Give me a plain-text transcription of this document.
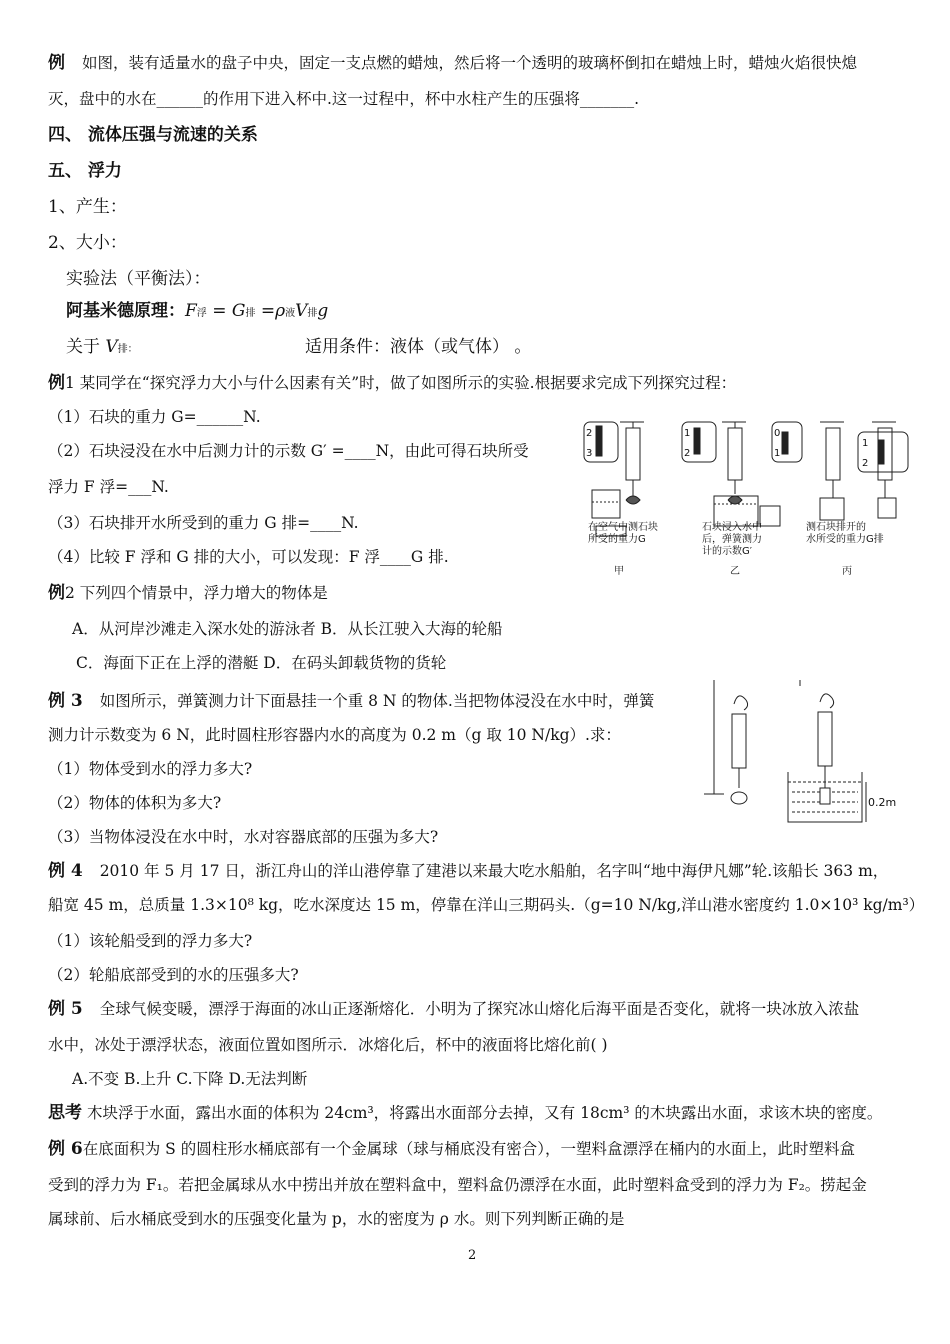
例 如图，装有适量水的盘子中央，固定一支点燃的蜡烛，然后将一个透明的玻璃杯倒扣在蜡烛上时，蜡烛火焰很快熄
灭，盘中的水在______的作用下进入杯中.这一过程中，杯中水柱产生的压强将_______.
四、 流体压强与流速的关系
五、 浮力
1、产生：
2、大小：
实验法（平衡法）：
阿基米德原理：F浮 = G排 =ρ液V排g
关于 V排：	适用条件：液体（或气体） 。
例1 某同学在“探究浮力大小与什么因素有关”时，做了如图所示的实验.根据要求完成下列探究过程：
（1）石块的重力 G=______N.
（2）石块浸没在水中后测力计的示数 G′ =____N，由此可得石块所受
浮力 F 浮=___N.
（3）石块排开水所受到的重力 G 排=____N.
（4）比较 F 浮和 G 排的大小，可以发现：F 浮____G 排.
2
3
1
2
0
1
1
2
在空气中测石块
所受的重力G
石块浸入水中
后，弹簧测力
计的示数G′
测石块排开的
水所受的重力G排
甲	乙	丙
例2 下列四个情景中，浮力增大的物体是
A．从河岸沙滩走入深水处的游泳者 B．从长江驶入大海的轮船
C．海面下正在上浮的潜艇 D．在码头卸载货物的货轮
例 3 如图所示，弹簧测力计下面悬挂一个重 8 N 的物体.当把物体浸没在水中时，弹簧
测力计示数变为 6 N，此时圆柱形容器内水的高度为 0.2 m（g 取 10 N/kg）.求：
（1）物体受到水的浮力多大?
（2）物体的体积为多大?
（3）当物体浸没在水中时，水对容器底部的压强为多大?
0.2m
例 4 2010 年 5 月 17 日，浙江舟山的洋山港停靠了建港以来最大吃水船舶，名字叫“地中海伊凡娜”轮.该船长 363 m，
船宽 45 m，总质量 1.3×10⁸ kg，吃水深度达 15 m，停靠在洋山三期码头.（g=10 N/kg,洋山港水密度约 1.0×10³ kg/m³）
（1）该轮船受到的浮力多大?
（2）轮船底部受到的水的压强多大?
例 5 全球气候变暖，漂浮于海面的冰山正逐渐熔化．小明为了探究冰山熔化后海平面是否变化，就将一块冰放入浓盐
水中，冰处于漂浮状态，液面位置如图所示．冰熔化后，杯中的液面将比熔化前( )
A.不变 B.上升 C.下降 D.无法判断
思考 木块浮于水面，露出水面的体积为 24cm³，将露出水面部分去掉，又有 18cm³ 的木块露出水面，求该木块的密度。
例 6在底面积为 S 的圆柱形水桶底部有一个金属球（球与桶底没有密合），一塑料盒漂浮在桶内的水面上，此时塑料盒
受到的浮力为 F₁。若把金属球从水中捞出并放在塑料盒中，塑料盒仍漂浮在水面，此时塑料盒受到的浮力为 F₂。捞起金
属球前、后水桶底受到水的压强变化量为 p，水的密度为 ρ 水。则下列判断正确的是
2
